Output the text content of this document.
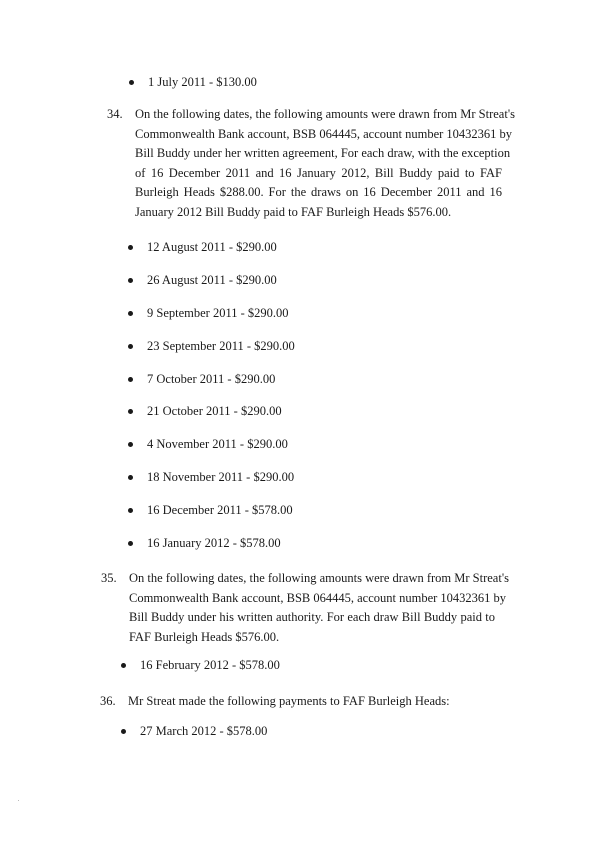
1 July 2011 - $130.00
34. On the following dates, the following amounts were drawn from Mr Streat's
Commonwealth Bank account, BSB 064445, account number 10432361 by
Bill Buddy under her written agreement, For each draw, with the exception
of 16 December 2011 and 16 January 2012, Bill Buddy paid to FAF
Burleigh Heads $288.00. For the draws on 16 December 2011 and 16
January 2012 Bill Buddy paid to FAF Burleigh Heads $576.00.
12 August 2011 - $290.00
26 August 2011 - $290.00
9 September 2011 - $290.00
23 September 2011 - $290.00
7 October 2011 - $290.00
21 October 2011 - $290.00
4 November 2011 - $290.00
18 November 2011 - $290.00
16 December 2011 - $578.00
16 January 2012 - $578.00
35. On the following dates, the following amounts were drawn from Mr Streat's
Commonwealth Bank account, BSB 064445, account number 10432361 by
Bill Buddy under his written authority. For each draw Bill Buddy paid to
FAF Burleigh Heads $576.00.
16 February 2012 - $578.00
36. Mr Streat made the following payments to FAF Burleigh Heads:
27 March 2012 - $578.00
